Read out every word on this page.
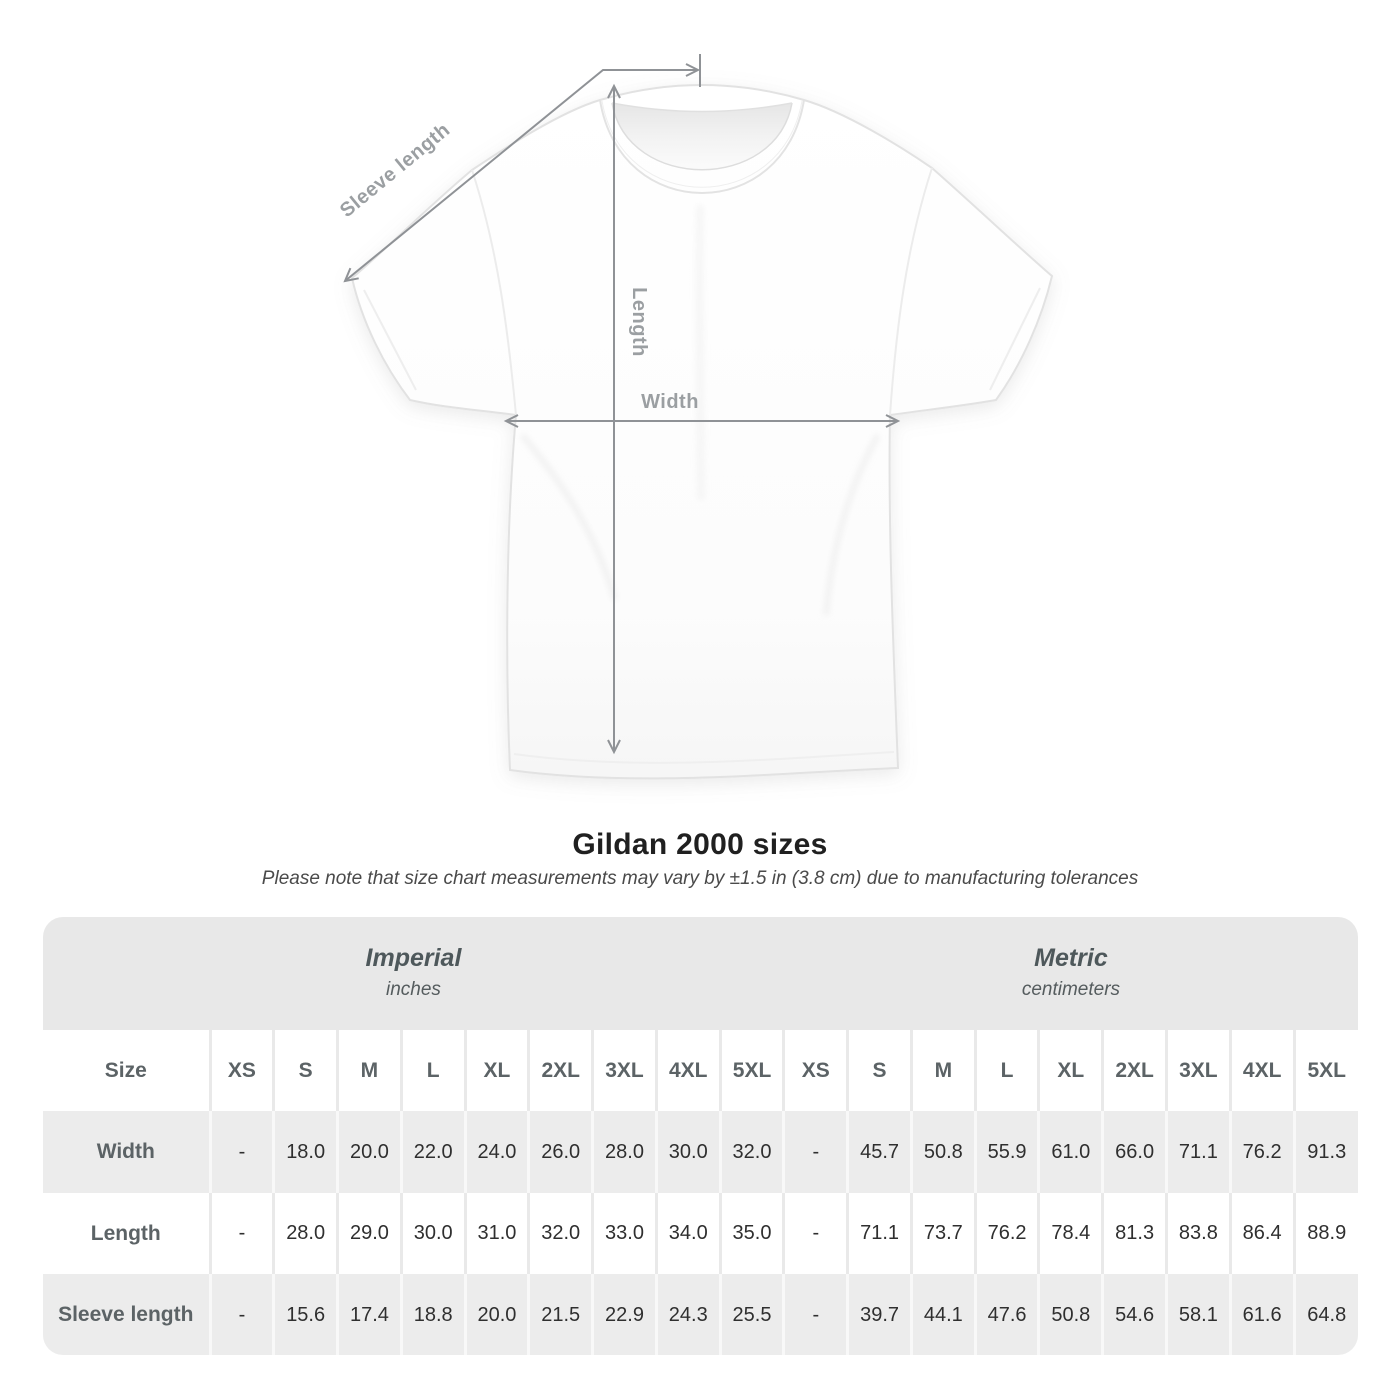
Sleeve length
Length
Width
Gildan 2000 sizes
Please note that size chart measurements may vary by ±1.5 in (3.8 cm) due to manufacturing tolerances
Imperial
inches

Metric
centimeters

Size	XS	S	M	L	XL	2XL	3XL	4XL	5XL	XS	S	M	L	XL	2XL	3XL	4XL	5XL
Width	-	18.0	20.0	22.0	24.0	26.0	28.0	30.0	32.0	-	45.7	50.8	55.9	61.0	66.0	71.1	76.2	91.3
Length	-	28.0	29.0	30.0	31.0	32.0	33.0	34.0	35.0	-	71.1	73.7	76.2	78.4	81.3	83.8	86.4	88.9
Sleeve length	-	15.6	17.4	18.8	20.0	21.5	22.9	24.3	25.5	-	39.7	44.1	47.6	50.8	54.6	58.1	61.6	64.8
